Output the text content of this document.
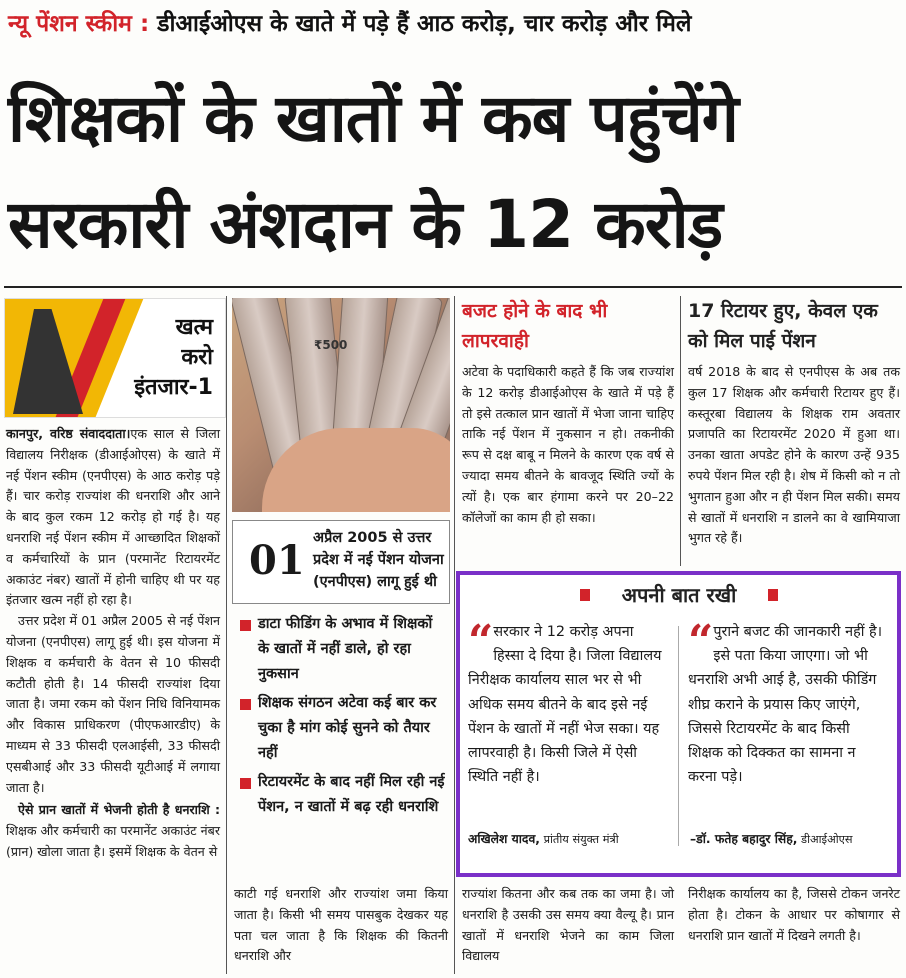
न्यू पेंशन स्कीम : डीआईओएस के खाते में पड़े हैं आठ करोड़, चार करोड़ और मिले
शिक्षकों के खातों में कब पहुंचेंगे
सरकारी अंशदान के 12 करोड़
खत्म
करो
इंतजार-1

कानपुर, वरिष्ठ संवाददाता।एक साल से जिला विद्यालय निरीक्षक (डीआईओएस) के खाते में नई पेंशन स्कीम (एनपीएस) के आठ करोड़ पड़े हैं। चार करोड़ राज्यांश की धनराशि और आने के बाद कुल रकम 12 करोड़ हो गई है। यह धनराशि नई पेंशन स्कीम में आच्छादित शिक्षकों व कर्मचारियों के प्रान (परमानेंट रिटायरमेंट अकाउंट नंबर) खातों में होनी चाहिए थी पर यह इंतजार खत्म नहीं हो रहा है।

उत्तर प्रदेश में 01 अप्रैल 2005 से नई पेंशन योजना (एनपीएस) लागू हुई थी। इस योजना में शिक्षक व कर्मचारी के वेतन से 10 फीसदी कटौती होती है। 14 फीसदी राज्यांश दिया जाता है। जमा रकम को पेंशन निधि विनियामक और विकास प्राधिकरण (पीएफआरडीए) के माध्यम से 33 फीसदी एलआईसी, 33 फीसदी एसबीआई और 33 फीसदी यूटीआई में लगाया जाता है।

ऐसे प्रान खातों में भेजनी होती है धनराशि : शिक्षक और कर्मचारी का परमानेंट अकाउंट नंबर (प्रान) खोला जाता है। इसमें शिक्षक के वेतन से

₹500
01 अप्रैल 2005 से उत्तर प्रदेश में नई पेंशन योजना (एनपीएस) लागू हुई थी
डाटा फीडिंग के अभाव में शिक्षकों के खातों में नहीं डाले, हो रहा नुकसान
शिक्षक संगठन अटेवा कई बार कर चुका है मांग कोई सुनने को तैयार नहीं
रिटायरमेंट के बाद नहीं मिल रही नई पेंशन, न खातों में बढ़ रही धनराशि

काटी गई धनराशि और राज्यांश जमा किया जाता है। किसी भी समय पासबुक देखकर यह पता चल जाता है कि शिक्षक की कितनी धनराशि और

बजट होने के बाद भी लापरवाही

अटेवा के पदाधिकारी कहते हैं कि जब राज्यांश के 12 करोड़ डीआईओएस के खाते में पड़े हैं तो इसे तत्काल प्रान खातों में भेजा जाना चाहिए ताकि नई पेंशन में नुकसान न हो। तकनीकी रूप से दक्ष बाबू न मिलने के कारण एक वर्ष से ज्यादा समय बीतने के बावजूद स्थिति ज्यों के त्यों है। एक बार हंगामा करने पर 20–22 कॉलेजों का काम ही हो सका।

राज्यांश कितना और कब तक का जमा है। जो धनराशि है उसकी उस समय क्या वैल्यू है। प्रान खातों में धनराशि भेजने का काम जिला विद्यालय

17 रिटायर हुए, केवल एक को मिल पाई पेंशन

वर्ष 2018 के बाद से एनपीएस के अब तक कुल 17 शिक्षक और कर्मचारी रिटायर हुए हैं। कस्तूरबा विद्यालय के शिक्षक राम अवतार प्रजापति का रिटायरमेंट 2020 में हुआ था। उनका खाता अपडेट होने के कारण उन्हें 935 रुपये पेंशन मिल रही है। शेष में किसी को न तो भुगतान हुआ और न ही पेंशन मिल सकी। समय से खातों में धनराशि न डालने का वे खामियाजा भुगत रहे हैं।

निरीक्षक कार्यालय का है, जिससे टोकन जनरेट होता है। टोकन के आधार पर कोषागार से धनराशि प्रान खातों में दिखने लगती है।

अपनी बात रखी
“ सरकार ने 12 करोड़ अपना हिस्सा दे दिया है। जिला विद्यालय निरीक्षक कार्यालय साल भर से भी अधिक समय बीतने के बाद इसे नई पेंशन के खातों में नहीं भेज सका। यह लापरवाही है। किसी जिले में ऐसी स्थिति नहीं है।
अखिलेश यादव, प्रांतीय संयुक्त मंत्री
“ पुराने बजट की जानकारी नहीं है। इसे पता किया जाएगा। जो भी धनराशि अभी आई है, उसकी फीडिंग शीघ्र कराने के प्रयास किए जाएंगे, जिससे रिटायरमेंट के बाद किसी शिक्षक को दिक्कत का सामना न करना पड़े।
–डॉ. फतेह बहादुर सिंह, डीआईओएस
